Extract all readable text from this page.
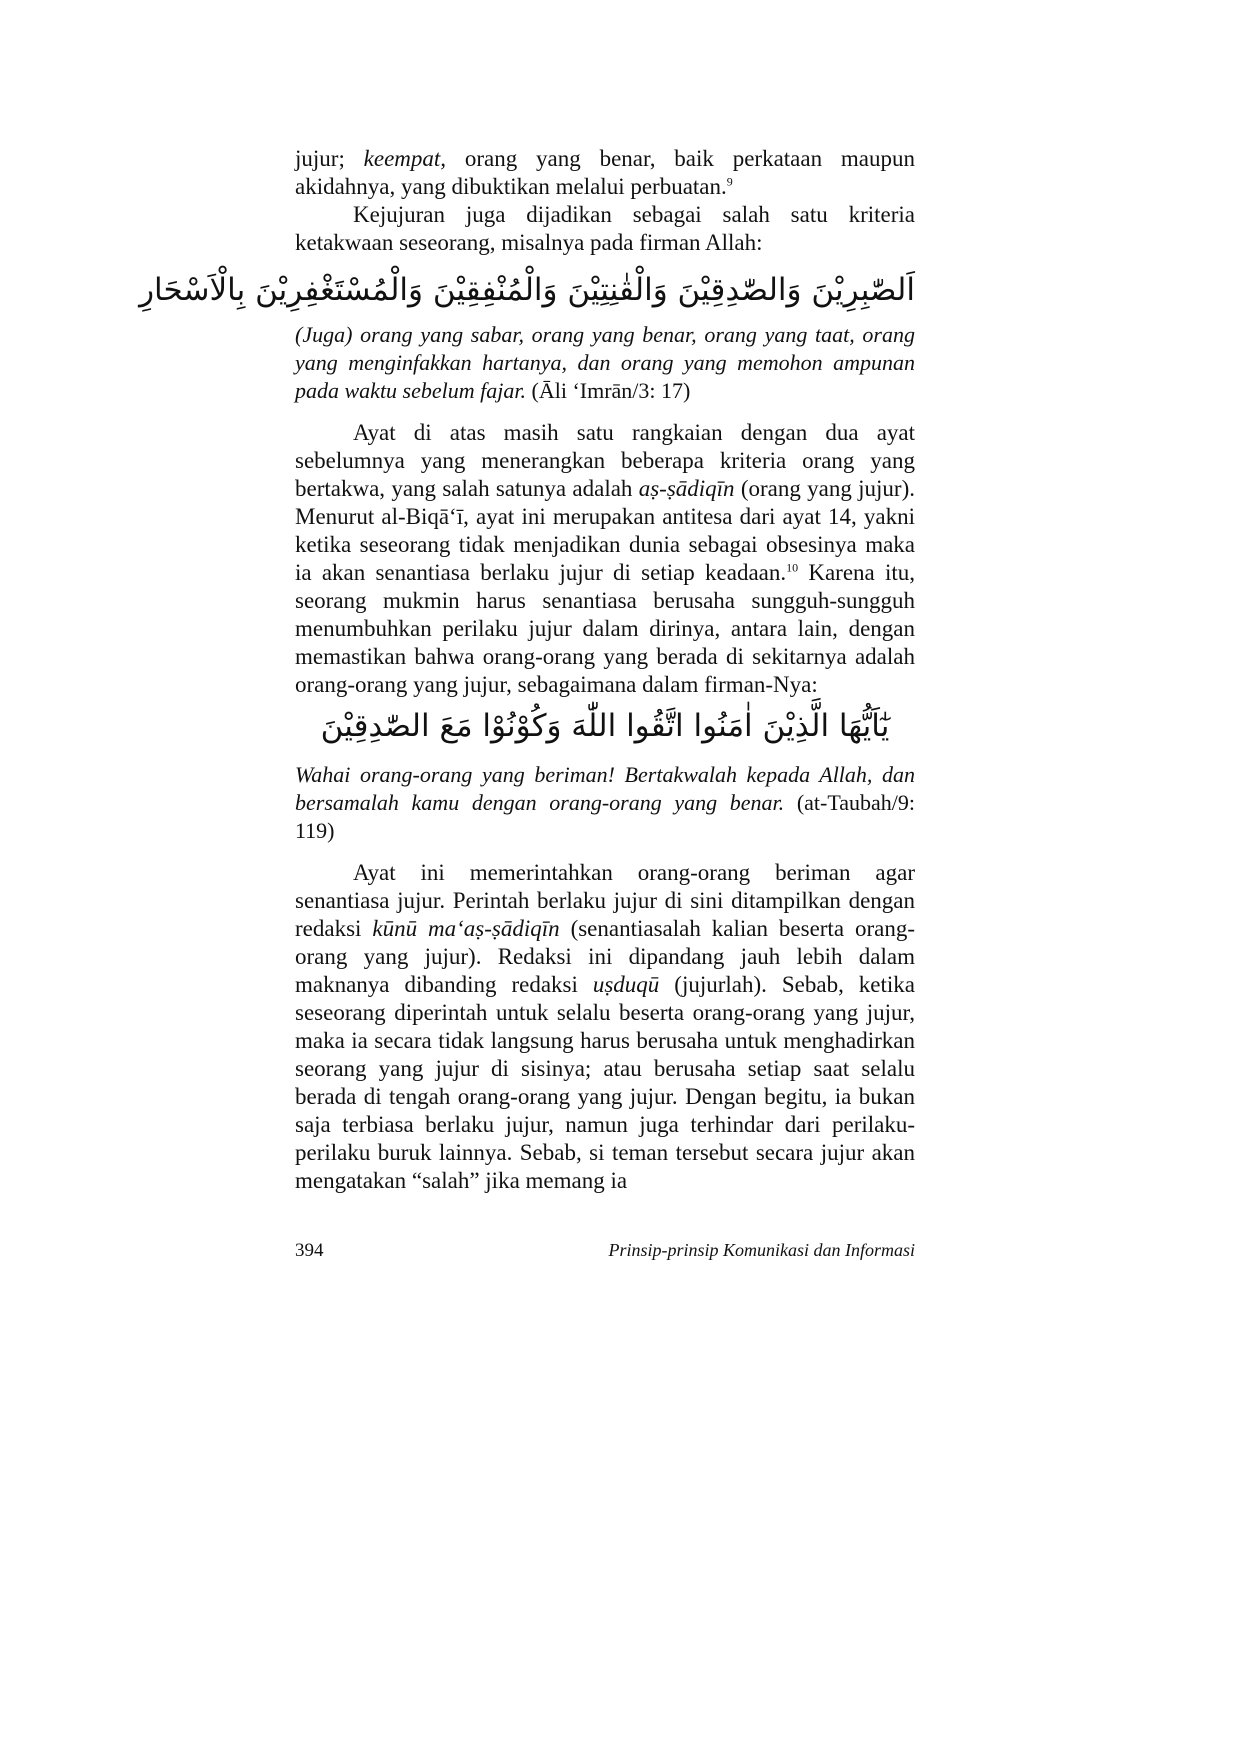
jujur; keempat, orang yang benar, baik perkataan maupun akidahnya, yang dibuktikan melalui perbuatan.$^9$

Kejujuran juga dijadikan sebagai salah satu kriteria ketakwaan seseorang, misalnya pada firman Allah:

اَلصّٰبِرِيْنَ وَالصّٰدِقِيْنَ وَالْقٰنِتِيْنَ وَالْمُنْفِقِيْنَ وَالْمُسْتَغْفِرِيْنَ بِالْاَسْحَارِ

(Juga) orang yang sabar, orang yang benar, orang yang taat, orang yang menginfakkan hartanya, dan orang yang memohon ampunan pada waktu sebelum fajar. (Āli ‘Imrān/3: 17)

Ayat di atas masih satu rangkaian dengan dua ayat sebelumnya yang menerangkan beberapa kriteria orang yang bertakwa, yang salah satunya adalah aṣ-ṣādiqīn (orang yang jujur). Menurut al-Biqā‘ī, ayat ini merupakan antitesa dari ayat 14, yakni ketika seseorang tidak menjadikan dunia sebagai obsesinya maka ia akan senantiasa berlaku jujur di setiap keadaan.$^{10}$ Karena itu, seorang mukmin harus senantiasa berusaha sungguh-sungguh menumbuhkan perilaku jujur dalam dirinya, antara lain, dengan memastikan bahwa orang-orang yang berada di sekitarnya adalah orang-orang yang jujur, sebagaimana dalam firman-Nya:

يٰٓاَيُّهَا الَّذِيْنَ اٰمَنُوا اتَّقُوا اللّٰهَ وَكُوْنُوْا مَعَ الصّٰدِقِيْنَ

Wahai orang-orang yang beriman! Bertakwalah kepada Allah, dan bersamalah kamu dengan orang-orang yang benar. (at-Taubah/9: 119)

Ayat ini memerintahkan orang-orang beriman agar senantiasa jujur. Perintah berlaku jujur di sini ditampilkan dengan redaksi kūnū ma‘aṣ-ṣādiqīn (senantiasalah kalian beserta orang-orang yang jujur). Redaksi ini dipandang jauh lebih dalam maknanya dibanding redaksi uṣduqū (jujurlah). Sebab, ketika seseorang diperintah untuk selalu beserta orang-orang yang jujur, maka ia secara tidak langsung harus berusaha untuk menghadirkan seorang yang jujur di sisinya; atau berusaha setiap saat selalu berada di tengah orang-orang yang jujur. Dengan begitu, ia bukan saja terbiasa berlaku jujur, namun juga terhindar dari perilaku-perilaku buruk lainnya. Sebab, si teman tersebut secara jujur akan mengatakan “salah” jika memang ia

394	Prinsip-prinsip Komunikasi dan Informasi
